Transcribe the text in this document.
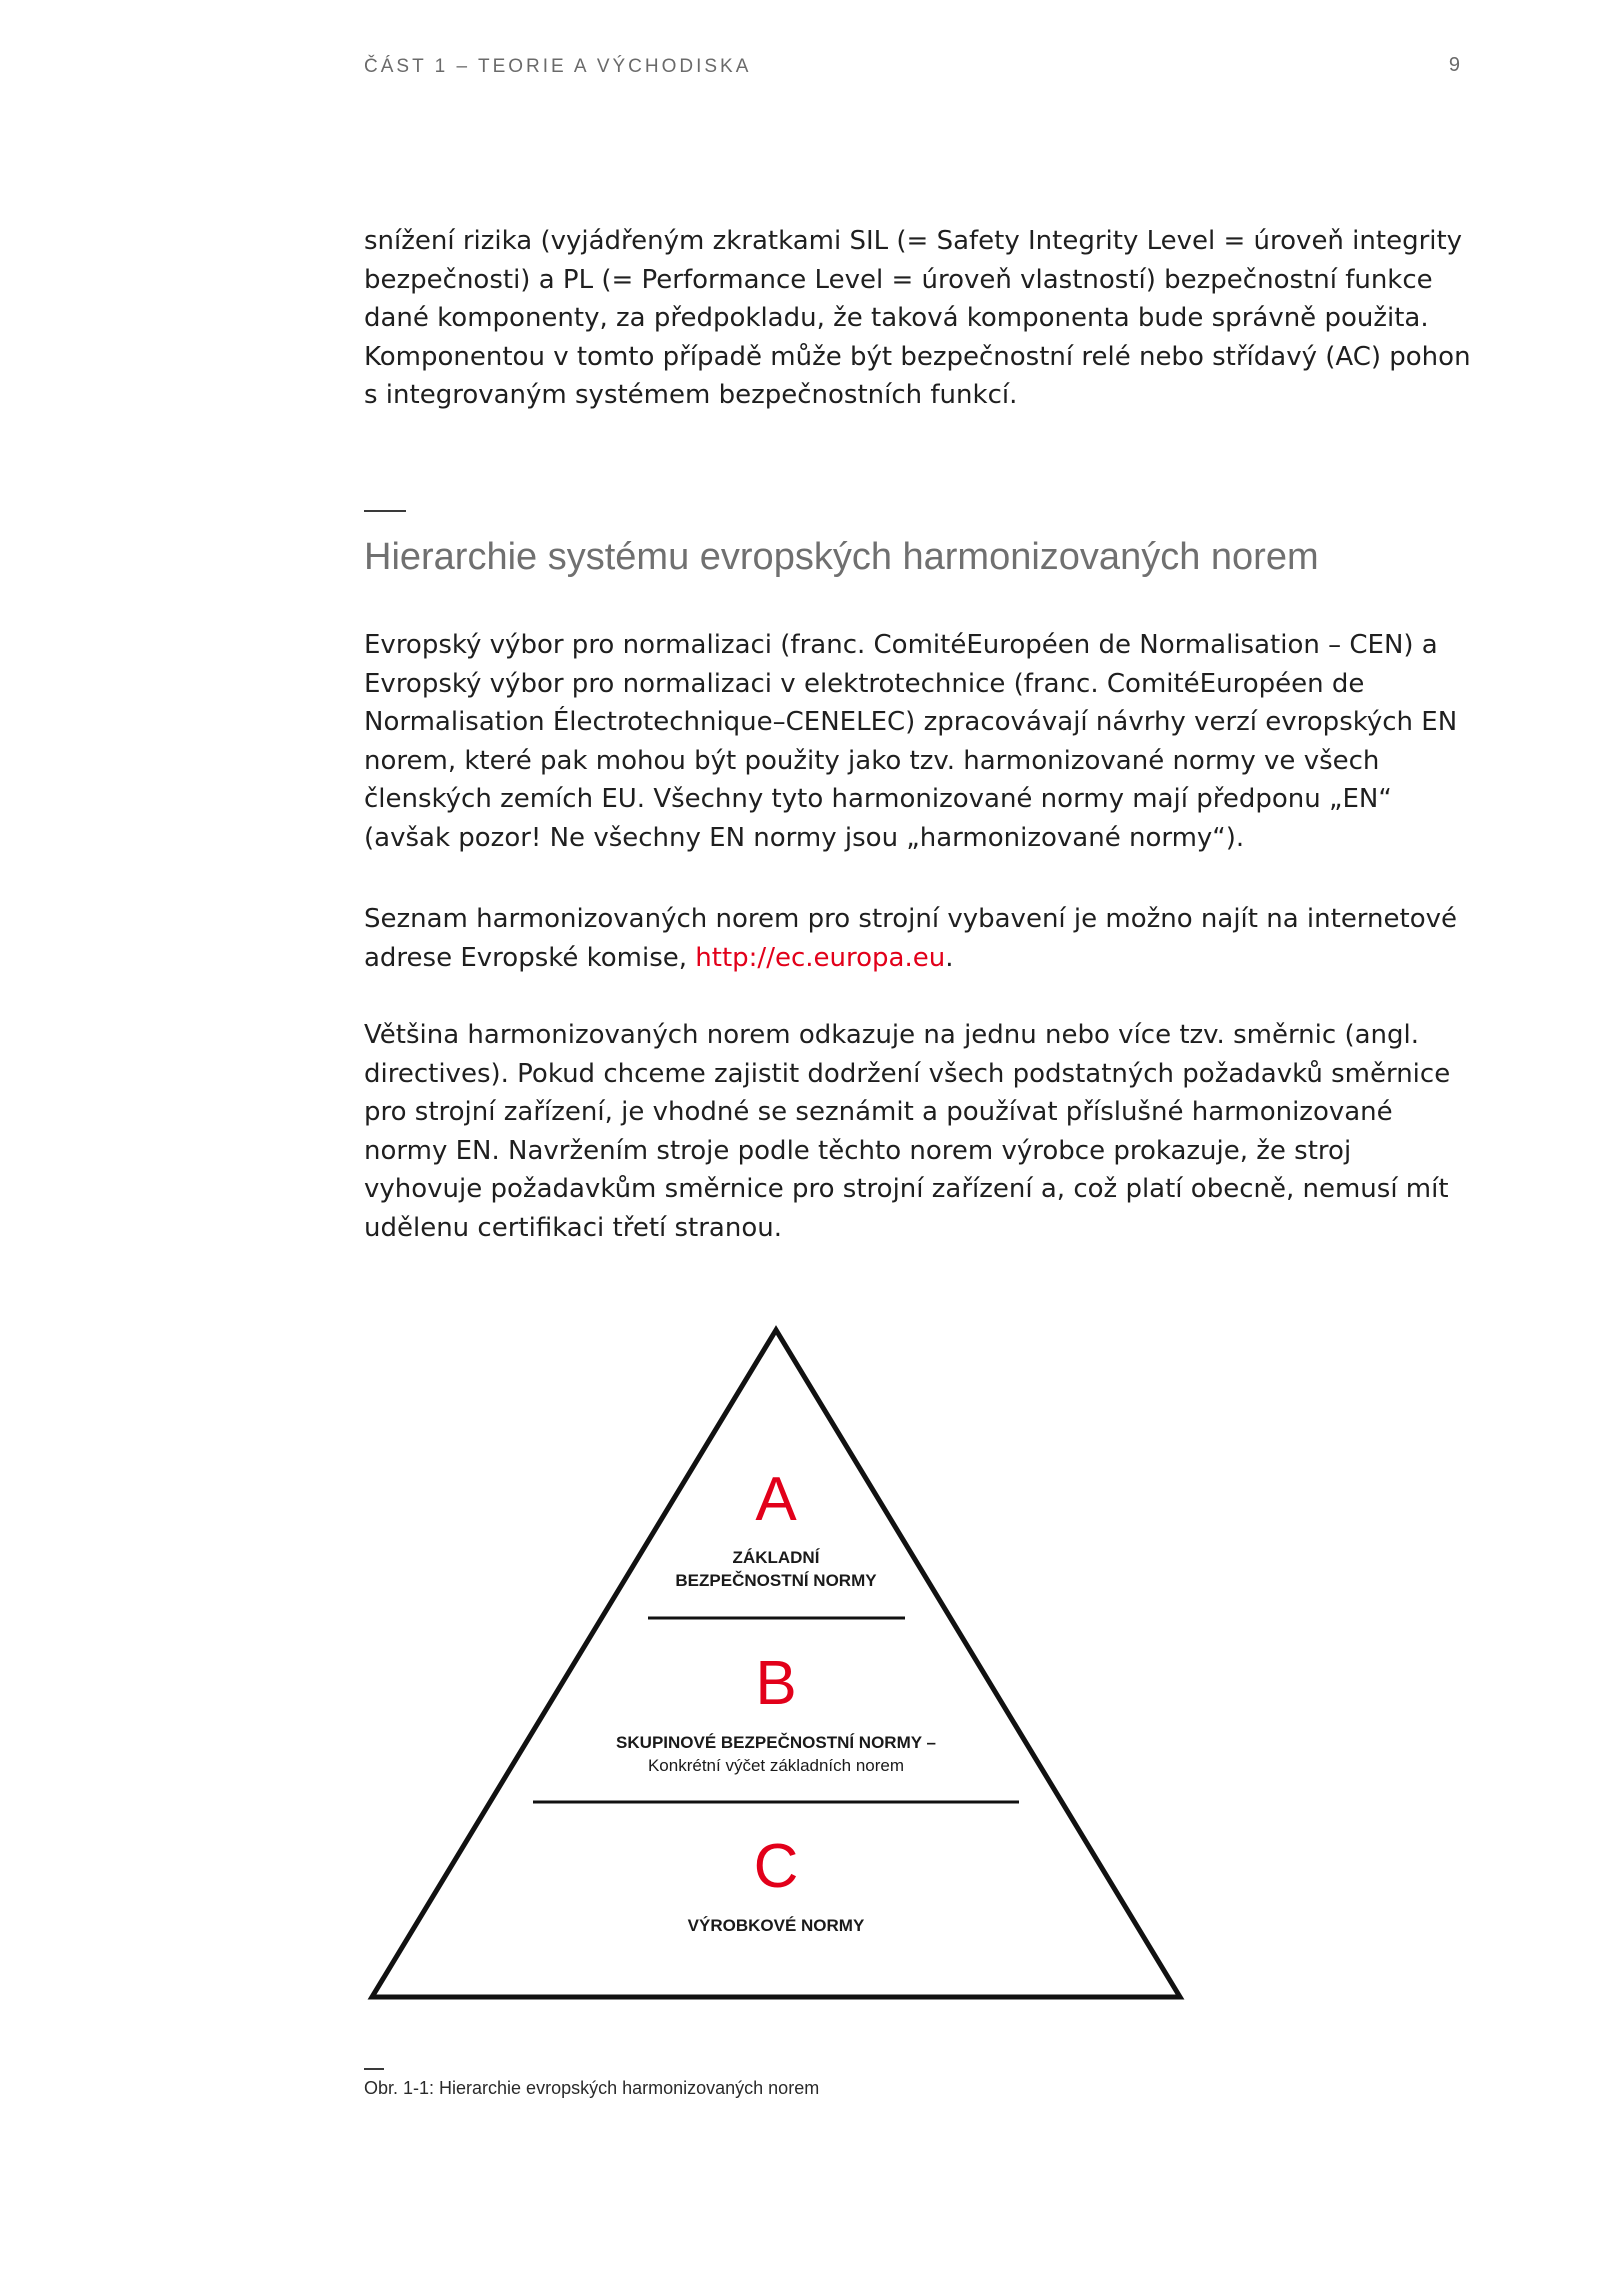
ČÁST 1 – TEORIE A VÝCHODISKA	9

snížení rizika (vyjádřeným zkratkami SIL (= Safety Integrity Level = úroveň integrity bezpečnosti) a PL (= Performance Level = úroveň vlastností) bezpečnostní funkce dané komponenty, za předpokladu, že taková komponenta bude správně použita. Komponentou v tomto případě může být bezpečnostní relé nebo střídavý (AC) pohon s integrovaným systémem bezpečnostních funkcí.

Hierarchie systému evropských harmonizovaných norem

Evropský výbor pro normalizaci (franc. ComitéEuropéen de Normalisation – CEN) a Evropský výbor pro normalizaci v elektrotechnice (franc. ComitéEuropéen de Normalisation Électrotechnique–CENELEC) zpracovávají návrhy verzí evropských EN norem, které pak mohou být použity jako tzv. harmonizované normy ve všech členských zemích EU. Všechny tyto harmonizované normy mají předponu „EN“ (avšak pozor! Ne všechny EN normy jsou „harmonizované normy“).

Seznam harmonizovaných norem pro strojní vybavení je možno najít na internetové adrese Evropské komise, http://ec.europa.eu.

Většina harmonizovaných norem odkazuje na jednu nebo více tzv. směrnic (angl. directives). Pokud chceme zajistit dodržení všech podstatných požadavků směrnice pro strojní zařízení, je vhodné se seznámit a používat příslušné harmonizované normy EN. Navržením stroje podle těchto norem výrobce prokazuje, že stroj vyhovuje požadavkům směrnice pro strojní zařízení a, což platí obecně, nemusí mít udělenu certifikaci třetí stranou.

A
ZÁKLADNÍ
BEZPEČNOSTNÍ NORMY
B
SKUPINOVÉ BEZPEČNOSTNÍ NORMY –
Konkrétní výčet základních norem
C
VÝROBKOVÉ NORMY
Obr. 1-1: Hierarchie evropských harmonizovaných norem
